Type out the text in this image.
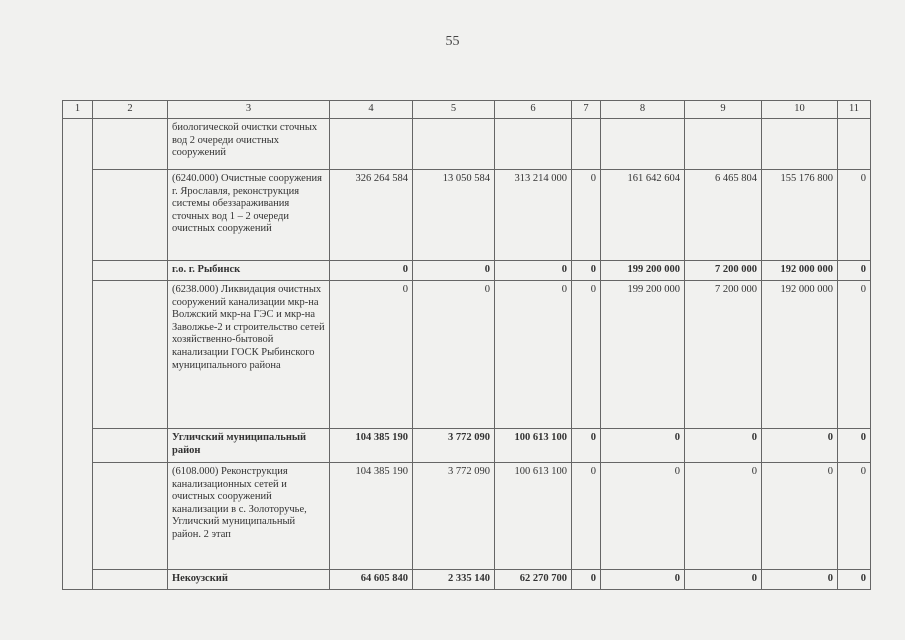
55
1	2	3	4	5	6	7	8	9	10	11
		биологической очистки сточных вод 2 очереди очистных сооружений								
		(6240.000) Очистные сооружения г. Ярославля, реконструкция системы обеззараживания сточных вод 1 – 2 очереди очистных сооружений	326 264 584	13 050 584	313 214 000	0	161 642 604	6 465 804	155 176 800	0
		г.о. г. Рыбинск	0	0	0	0	199 200 000	7 200 000	192 000 000	0
		(6238.000) Ликвидация очистных сооружений канализации мкр-на Волжский мкр-на ГЭС и мкр-на Заволжье-2 и строительство сетей хозяйственно-бытовой канализации ГОСК Рыбинского муниципального района	0	0	0	0	199 200 000	7 200 000	192 000 000	0
		Угличский муниципальный район	104 385 190	3 772 090	100 613 100	0	0	0	0	0
		(6108.000) Реконструкция канализационных сетей и очистных сооружений канализации в с. Золоторучье, Угличский муниципальный район. 2 этап	104 385 190	3 772 090	100 613 100	0	0	0	0	0
		Некоузский	64 605 840	2 335 140	62 270 700	0	0	0	0	0
